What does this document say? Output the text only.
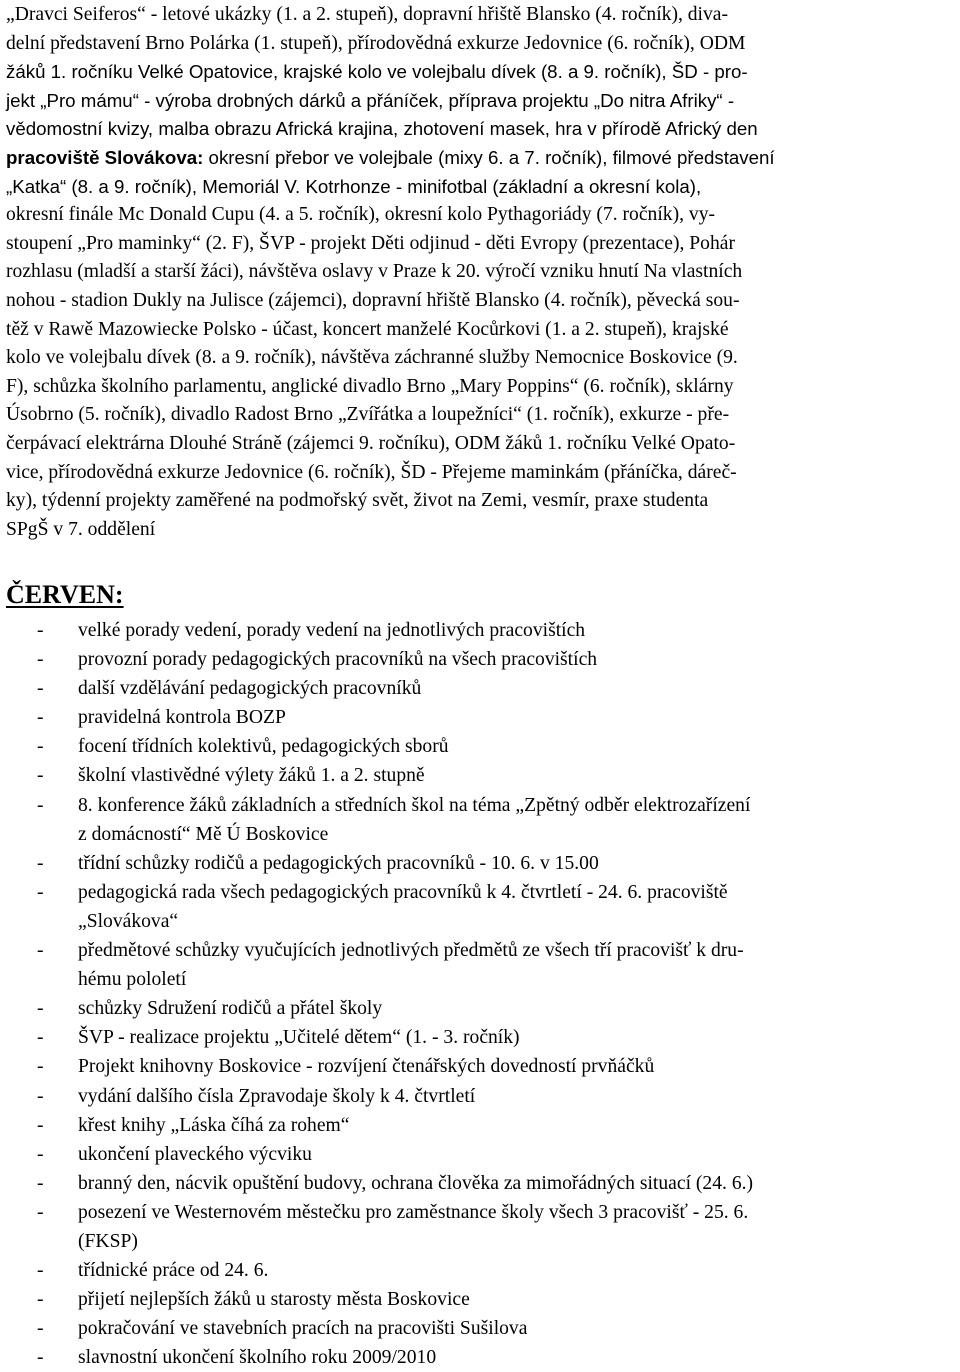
„Dravci Seiferos“ - letové ukázky (1. a 2. stupeň), dopravní hřiště Blansko (4. ročník), diva-
delní představení Brno Polárka (1. stupeň), přírodovědná exkurze Jedovnice (6. ročník), ODM
žáků 1. ročníku Velké Opatovice, krajské kolo ve volejbalu dívek (8. a 9. ročník), ŠD - pro-
jekt „Pro mámu“ - výroba drobných dárků a přáníček, příprava projektu „Do nitra Afriky“ -
vědomostní kvizy, malba obrazu Africká krajina, zhotovení masek, hra v přírodě Africký den
pracoviště Slovákova: okresní přebor ve volejbale (mixy 6. a 7. ročník), filmové představení
„Katka“ (8. a 9. ročník), Memoriál V. Kotrhonze - minifotbal (základní a okresní kola),
okresní finále Mc Donald Cupu (4. a 5. ročník), okresní kolo Pythagoriády (7. ročník), vy-
stoupení „Pro maminky“ (2. F), ŠVP - projekt Děti odjinud - děti Evropy (prezentace), Pohár
rozhlasu (mladší a starší žáci), návštěva oslavy v Praze k 20. výročí vzniku hnutí Na vlastních
nohou - stadion Dukly na Julisce (zájemci), dopravní hřiště Blansko (4. ročník), pěvecká sou-
těž v Rawě Mazowiecke Polsko - účast, koncert manželé Kocůrkovi (1. a 2. stupeň), krajské
kolo ve volejbalu dívek (8. a 9. ročník), návštěva záchranné služby Nemocnice Boskovice (9.
F), schůzka školního parlamentu, anglické divadlo Brno „Mary Poppins“ (6. ročník), sklárny
Úsobrno (5. ročník), divadlo Radost Brno „Zvířátka a loupežníci“ (1. ročník), exkurze - pře-
čerpávací elektrárna Dlouhé Stráně (zájemci 9. ročníku), ODM žáků 1. ročníku Velké Opato-
vice, přírodovědná exkurze Jedovnice (6. ročník), ŠD - Přejeme maminkám (přáníčka, dáreč-
ky), týdenní projekty zaměřené na podmořský svět, život na Zemi, vesmír, praxe studenta
SPgŠ v 7. oddělení
ČERVEN:
- velké porady vedení, porady vedení na jednotlivých pracovištích
- provozní porady pedagogických pracovníků na všech pracovištích
- další vzdělávání pedagogických pracovníků
- pravidelná kontrola BOZP
- focení třídních kolektivů, pedagogických sborů
- školní vlastivědné výlety žáků 1. a 2. stupně
- 8. konference žáků základních a středních škol na téma „Zpětný odběr elektrozařízení
z domácností“ Mě Ú Boskovice
- třídní schůzky rodičů a pedagogických pracovníků - 10. 6. v 15.00
- pedagogická rada všech pedagogických pracovníků k 4. čtvrtletí - 24. 6. pracoviště
„Slovákova“
- předmětové schůzky vyučujících jednotlivých předmětů ze všech tří pracovišť k dru-
hému pololetí
- schůzky Sdružení rodičů a přátel školy
- ŠVP - realizace projektu „Učitelé dětem“ (1. - 3. ročník)
- Projekt knihovny Boskovice - rozvíjení čtenářských dovedností prvňáčků
- vydání dalšího čísla Zpravodaje školy k 4. čtvrtletí
- křest knihy „Láska číhá za rohem“
- ukončení plaveckého výcviku
- branný den, nácvik opuštění budovy, ochrana člověka za mimořádných situací (24. 6.)
- posezení ve Westernovém městečku pro zaměstnance školy všech 3 pracovišť - 25. 6.
(FKSP)
- třídnické práce od 24. 6.
- přijetí nejlepších žáků u starosty města Boskovice
- pokračování ve stavebních pracích na pracovišti Sušilova
- slavnostní ukončení školního roku 2009/2010
